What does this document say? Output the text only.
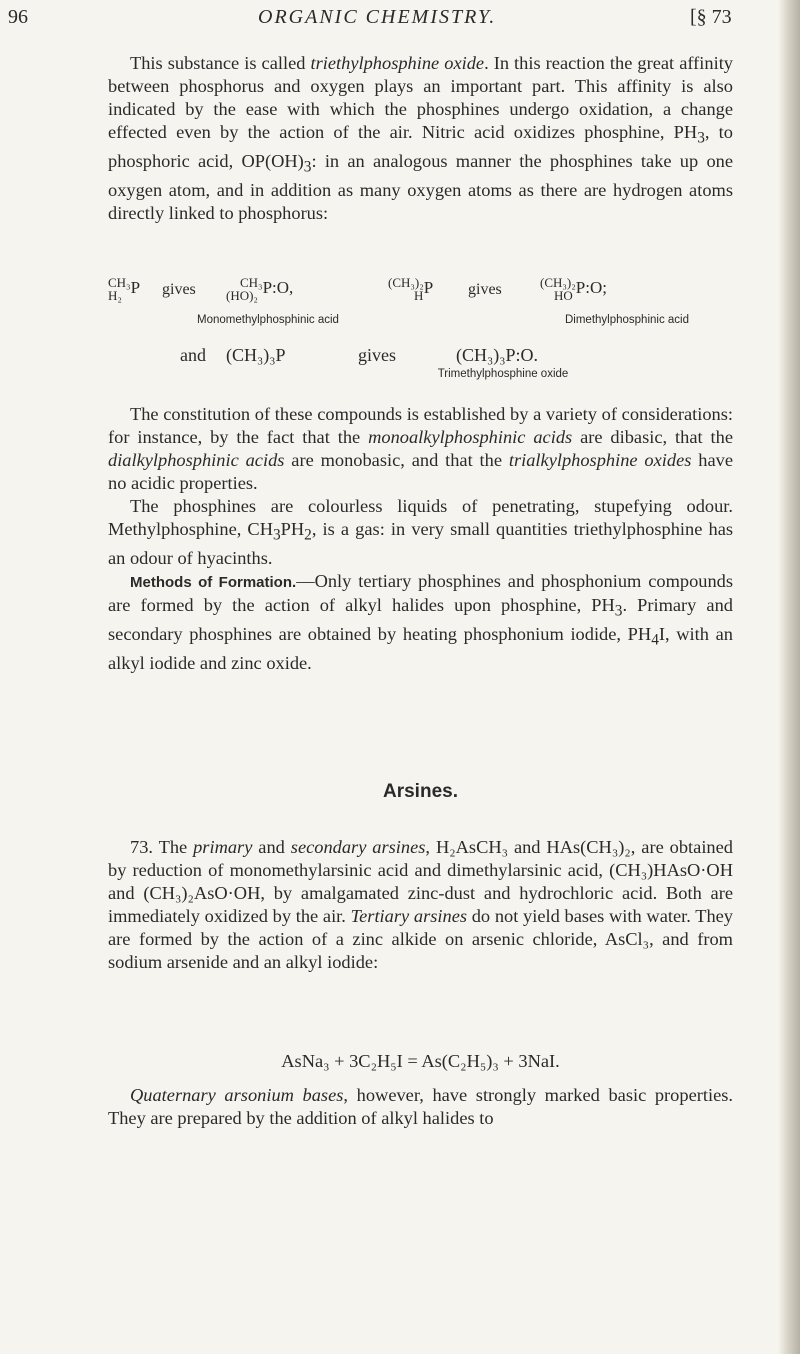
96	ORGANIC CHEMISTRY.	[§ 73

This substance is called triethylphosphine oxide. In this reaction the great affinity between phosphorus and oxygen plays an important part. This affinity is also indicated by the ease with which the phosphines undergo oxidation, a change effected even by the action of the air. Nitric acid oxidizes phosphine, $PH_3$, to phosphoric acid, $OP(OH)_3$: in an analogous manner the phosphines take up one oxygen atom, and in addition as many oxygen atoms as there are hydrogen atoms directly linked to phosphorus:

CH₃
H₂ P gives	CH₃
(HO)₂ P:O,	(CH₃)₂
H P gives	(CH₃)₂
HO P:O;
Monomethylphosphinic acid	Dimethylphosphinic acid
and (CH₃)₃P	gives	(CH₃)₃P:O.
Trimethylphosphine oxide

The constitution of these compounds is established by a variety of considerations: for instance, by the fact that the monoalkylphosphinic acids are dibasic, that the dialkylphosphinic acids are monobasic, and that the trialkylphosphine oxides have no acidic properties.

The phosphines are colourless liquids of penetrating, stupefying odour. Methylphosphine, $CH_3PH_2$, is a gas: in very small quantities triethylphosphine has an odour of hyacinths.

Methods of Formation.—Only tertiary phosphines and phosphonium compounds are formed by the action of alkyl halides upon phosphine, $PH_3$. Primary and secondary phosphines are obtained by heating phosphonium iodide, $PH_4I$, with an alkyl iodide and zinc oxide.

Arsines.

73. The primary and secondary arsines, H₂AsCH₃ and HAs(CH₃)₂, are obtained by reduction of monomethylarsinic acid and dimethylarsinic acid, (CH₃)HAsO·OH and (CH₃)₂AsO·OH, by amalgamated zinc-dust and hydrochloric acid. Both are immediately oxidized by the air. Tertiary arsines do not yield bases with water. They are formed by the action of a zinc alkide on arsenic chloride, AsCl₃, and from sodium arsenide and an alkyl iodide:

AsNa₃ + 3C₂H₅I = As(C₂H₅)₃ + 3NaI.

Quaternary arsonium bases, however, have strongly marked basic properties. They are prepared by the addition of alkyl halides to
